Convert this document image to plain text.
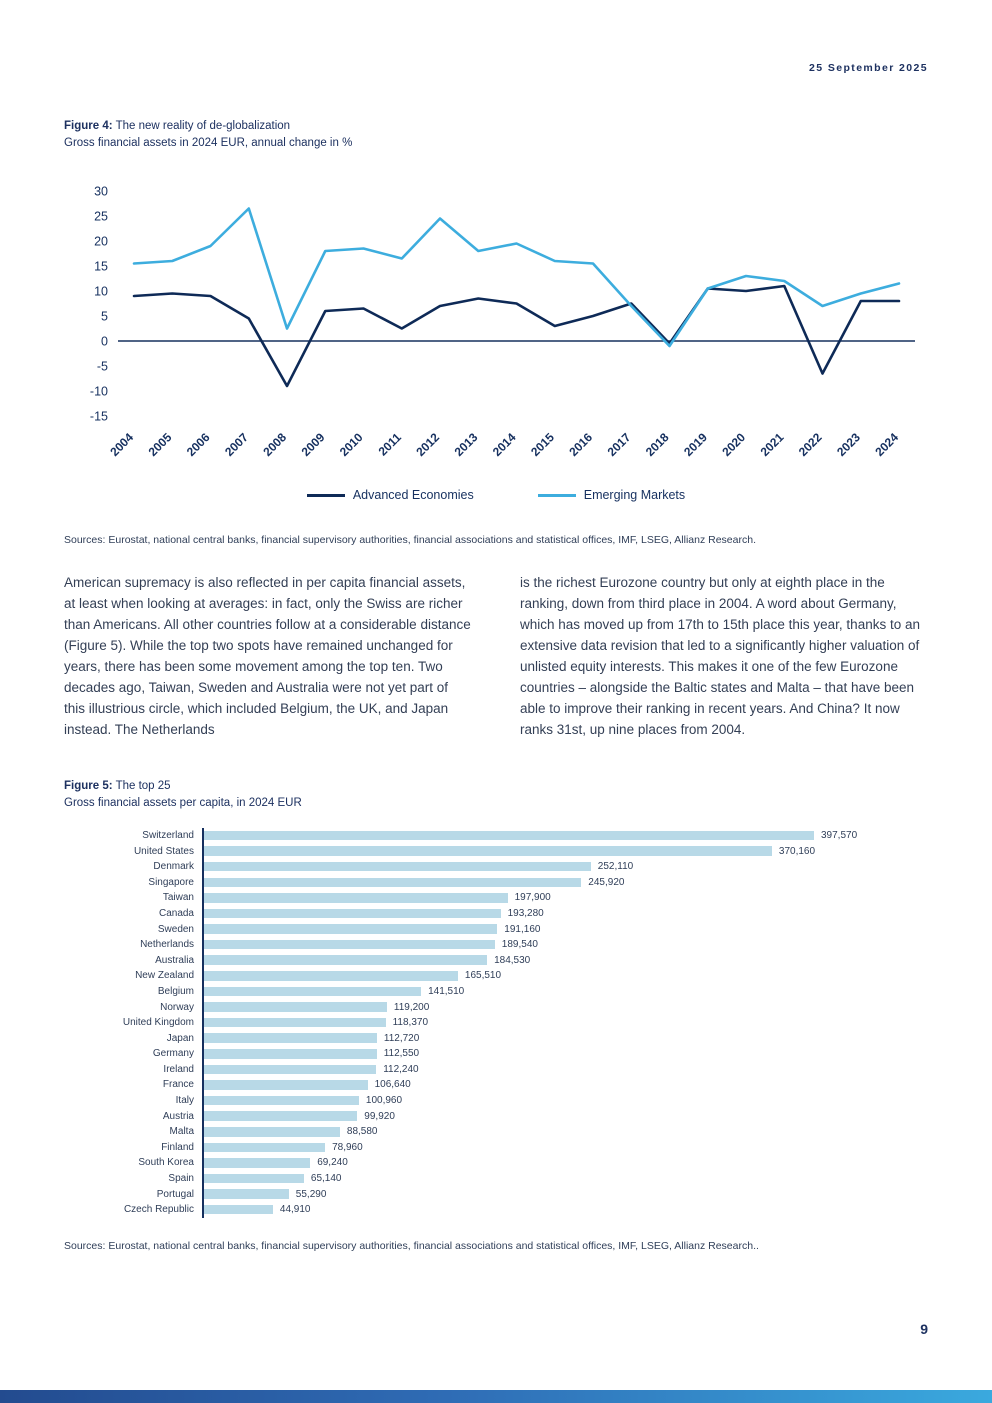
25 September 2025
Figure 4: The new reality of de-globalization
Gross financial assets in 2024 EUR, annual change in %
30
25
20
15
10
5
0
-5
-10
-15
2004 2005 2006 2007 2008 2009 2010 2011 2012 2013 2014 2015 2016 2017 2018 2019 2020 2021 2022 2023 2024
Advanced Economies	Emerging Markets
Sources: Eurostat, national central banks, financial supervisory authorities, financial associations and statistical offices, IMF, LSEG, Allianz Research.
American supremacy is also reflected in per capita financial assets, at least when looking at averages: in fact, only the Swiss are richer than Americans. All other countries follow at a considerable distance (Figure 5). While the top two spots have remained unchanged for years, there has been some movement among the top ten. Two decades ago, Taiwan, Sweden and Australia were not yet part of this illustrious circle, which included Belgium, the UK, and Japan instead. The Netherlands
is the richest Eurozone country but only at eighth place in the ranking, down from third place in 2004. A word about Germany, which has moved up from 17th to 15th place this year, thanks to an extensive data revision that led to a significantly higher valuation of unlisted equity interests. This makes it one of the few Eurozone countries – alongside the Baltic states and Malta – that have been able to improve their ranking in recent years. And China? It now ranks 31st, up nine places from 2004.
Figure 5: The top 25
Gross financial assets per capita, in 2024 EUR
Switzerland	397,570
United States	370,160
Denmark	252,110
Singapore	245,920
Taiwan	197,900
Canada	193,280
Sweden	191,160
Netherlands	189,540
Australia	184,530
New Zealand	165,510
Belgium	141,510
Norway	119,200
United Kingdom	118,370
Japan	112,720
Germany	112,550
Ireland	112,240
France	106,640
Italy	100,960
Austria	99,920
Malta	88,580
Finland	78,960
South Korea	69,240
Spain	65,140
Portugal	55,290
Czech Republic	44,910
Sources: Eurostat, national central banks, financial supervisory authorities, financial associations and statistical offices, IMF, LSEG, Allianz Research..
9
